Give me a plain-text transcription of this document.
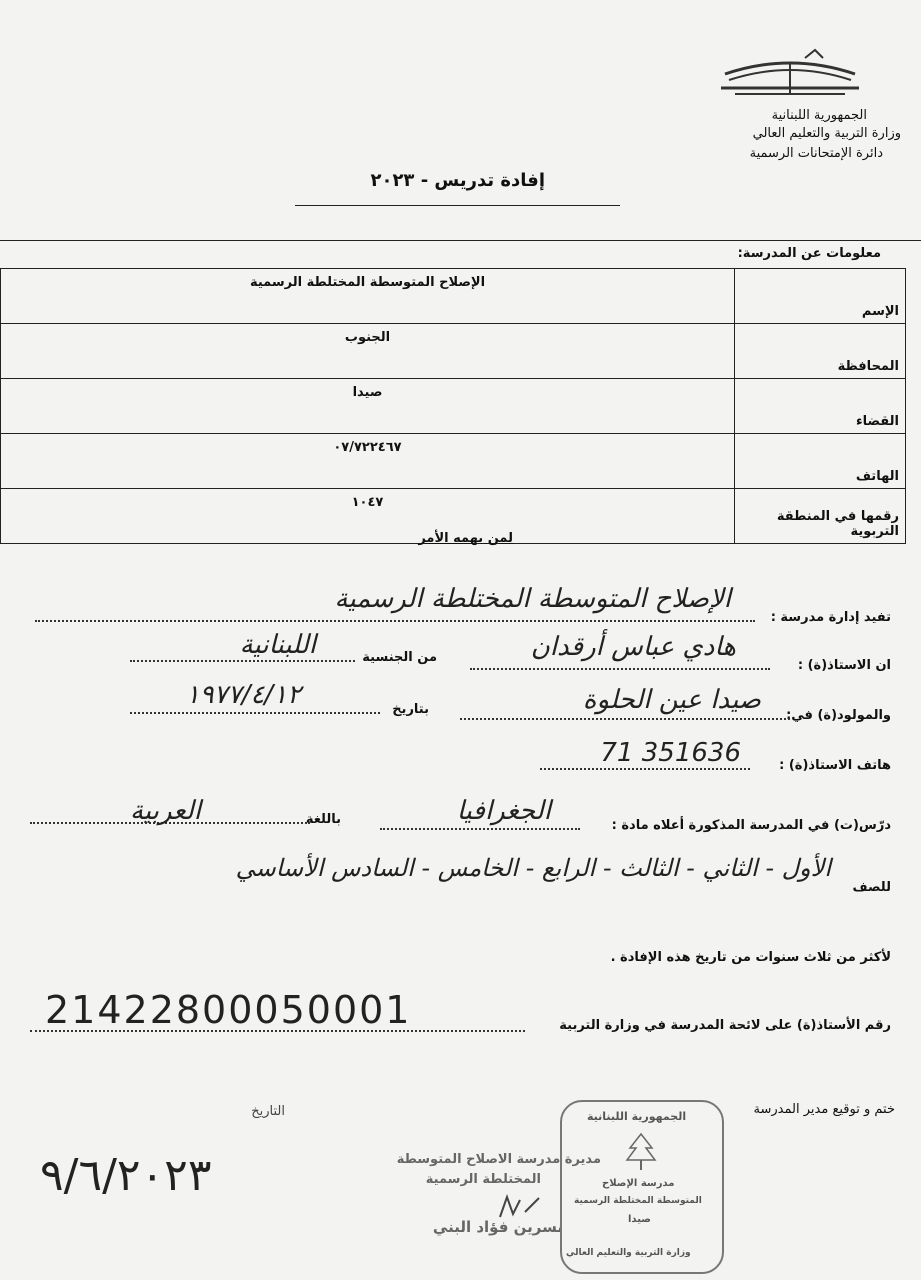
الجمهورية اللبنانية
وزارة التربية والتعليم العالي
دائرة الإمتحانات الرسمية
إفادة تدريس - ٢٠٢٣
معلومات عن المدرسة:
الإسم	الإصلاح المتوسطة المختلطة الرسمية
المحافظة	الجنوب
القضاء	صيدا
الهاتف	٠٧/٧٢٢٤٦٧
رقمها في المنطقة التربوية	١٠٤٧
لمن يهمه الأمر
تفيد إدارة مدرسة :
الإصلاح المتوسطة المختلطة الرسمية
ان الاستاذ(ة) :
هادي عباس أرقدان
من الجنسية
اللبنانية
والمولود(ة) في:
صيدا عين الحلوة
بتاريخ
١٩٧٧/٤/١٢
هاتف الاستاذ(ة) :
71 351636
درّس(ت) في المدرسة المذكورة أعلاه مادة :
الجغرافيا
باللغة
العربية
للصف
الأول - الثاني - الثالث - الرابع - الخامس - السادس الأساسي
لأكثر من ثلاث سنوات من تاريخ هذه الإفادة .
رقم الأستاذ(ة) على لائحة المدرسة في وزارة التربية
21422800050001
ختم و توقيع مدير المدرسة
التاريخ
٩/٦/٢٠٢٣	مديرة مدرسة الاصلاح المتوسطة
المختلطة الرسمية
نسرين فؤاد البني
الجمهورية اللبنانية
مدرسة الإصلاح
المتوسطة المختلطة الرسمية
صيدا
وزارة التربية والتعليم العالي
